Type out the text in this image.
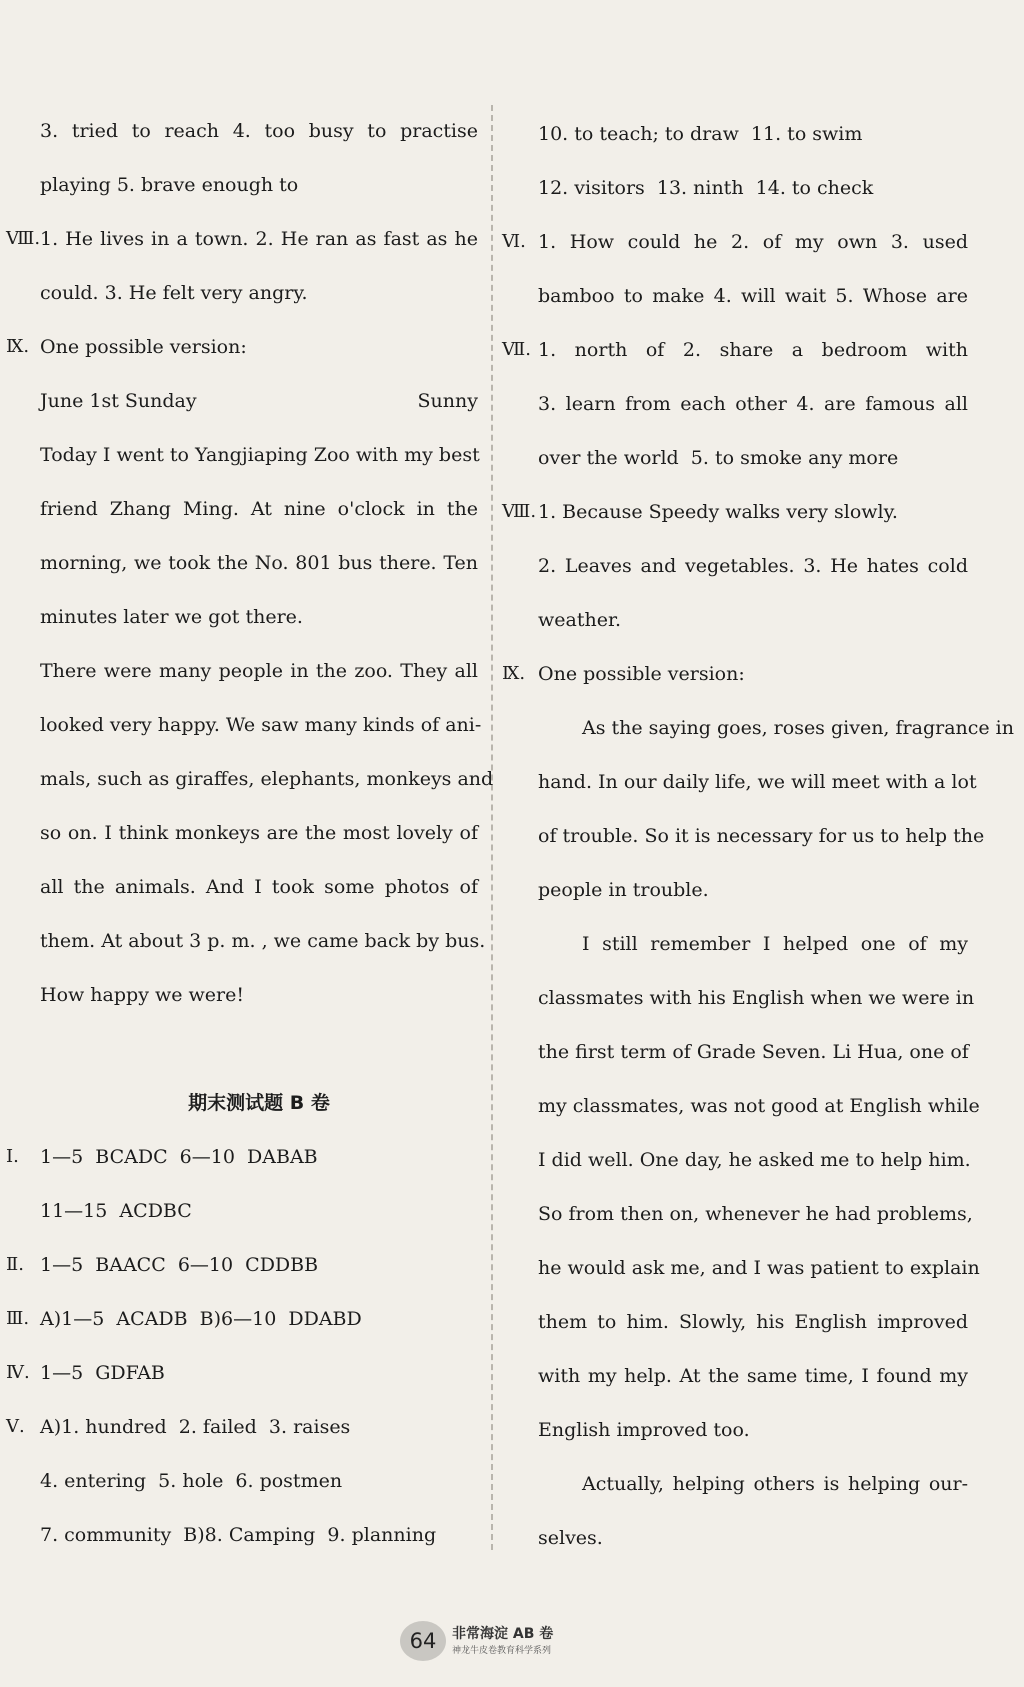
3. tried to reach 4. too busy to practise
playing 5. brave enough to
Ⅷ. 1. He lives in a town. 2. He ran as fast as he
could. 3. He felt very angry.
Ⅸ. One possible version:
June 1st Sunday	Sunny
Today I went to Yangjiaping Zoo with my best
friend Zhang Ming. At nine o'clock in the
morning, we took the No. 801 bus there. Ten
minutes later we got there.
There were many people in the zoo. They all
looked very happy. We saw many kinds of ani-
mals, such as giraffes, elephants, monkeys and
so on. I think monkeys are the most lovely of
all the animals. And I took some photos of
them. At about 3 p. m. , we came back by bus.
How happy we were!
期末测试题 B 卷
Ⅰ. 1—5  BCADC  6—10  DABAB
11—15  ACDBC
Ⅱ. 1—5  BAACC  6—10  CDDBB
Ⅲ. A)1—5  ACADB  B)6—10  DDABD
Ⅳ. 1—5  GDFAB
Ⅴ. A)1. hundred  2. failed  3. raises
4. entering  5. hole  6. postmen
7. community  B)8. Camping  9. planning
10. to teach; to draw  11. to swim
12. visitors  13. ninth  14. to check
Ⅵ. 1. How could he 2. of my own 3. used
bamboo to make 4. will wait 5. Whose are
Ⅶ. 1. north of 2. share a bedroom with
3. learn from each other 4. are famous all
over the world  5. to smoke any more
Ⅷ. 1. Because Speedy walks very slowly.
2. Leaves and vegetables. 3. He hates cold
weather.
Ⅸ. One possible version:
As the saying goes, roses given, fragrance in
hand. In our daily life, we will meet with a lot
of trouble. So it is necessary for us to help the
people in trouble.
I still remember I helped one of my
classmates with his English when we were in
the first term of Grade Seven. Li Hua, one of
my classmates, was not good at English while
I did well. One day, he asked me to help him.
So from then on, whenever he had problems,
he would ask me, and I was patient to explain
them to him. Slowly, his English improved
with my help. At the same time, I found my
English improved too.
Actually, helping others is helping our-
selves.
64	非常海淀 AB 卷
神龙牛皮卷教育科学系列
